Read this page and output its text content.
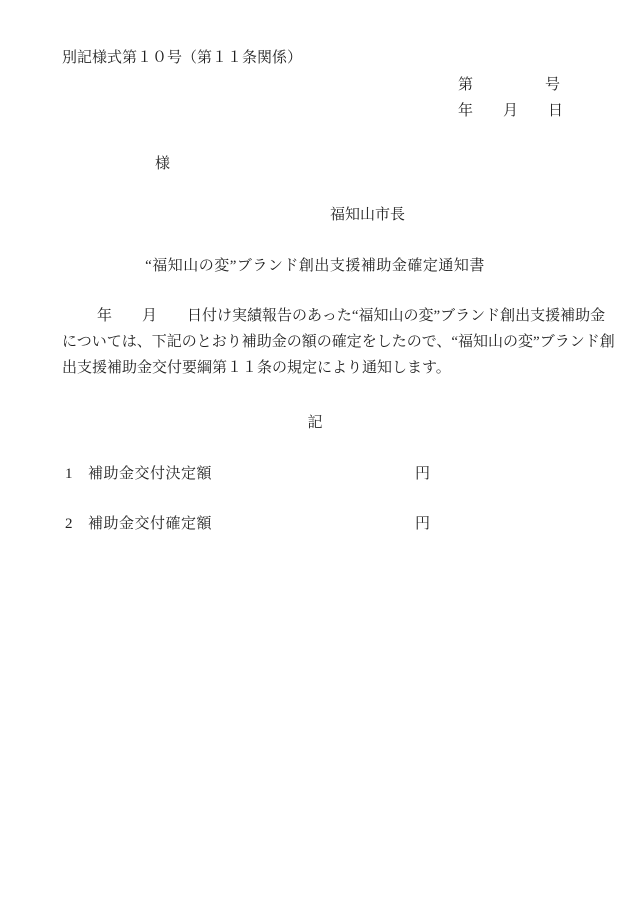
別記様式第１０号（第１１条関係）
第	号
年 月 日
様
福知山市長
“福知山の変”ブランド創出支援補助金確定通知書
年　　月　　日付け実績報告のあった“福知山の変”ブランド創出支援補助金
については、下記のとおり補助金の額の確定をしたので、“福知山の変”ブランド創
出支援補助金交付要綱第１１条の規定により通知します。
記
1 補助金交付決定額	円
2 補助金交付確定額	円
